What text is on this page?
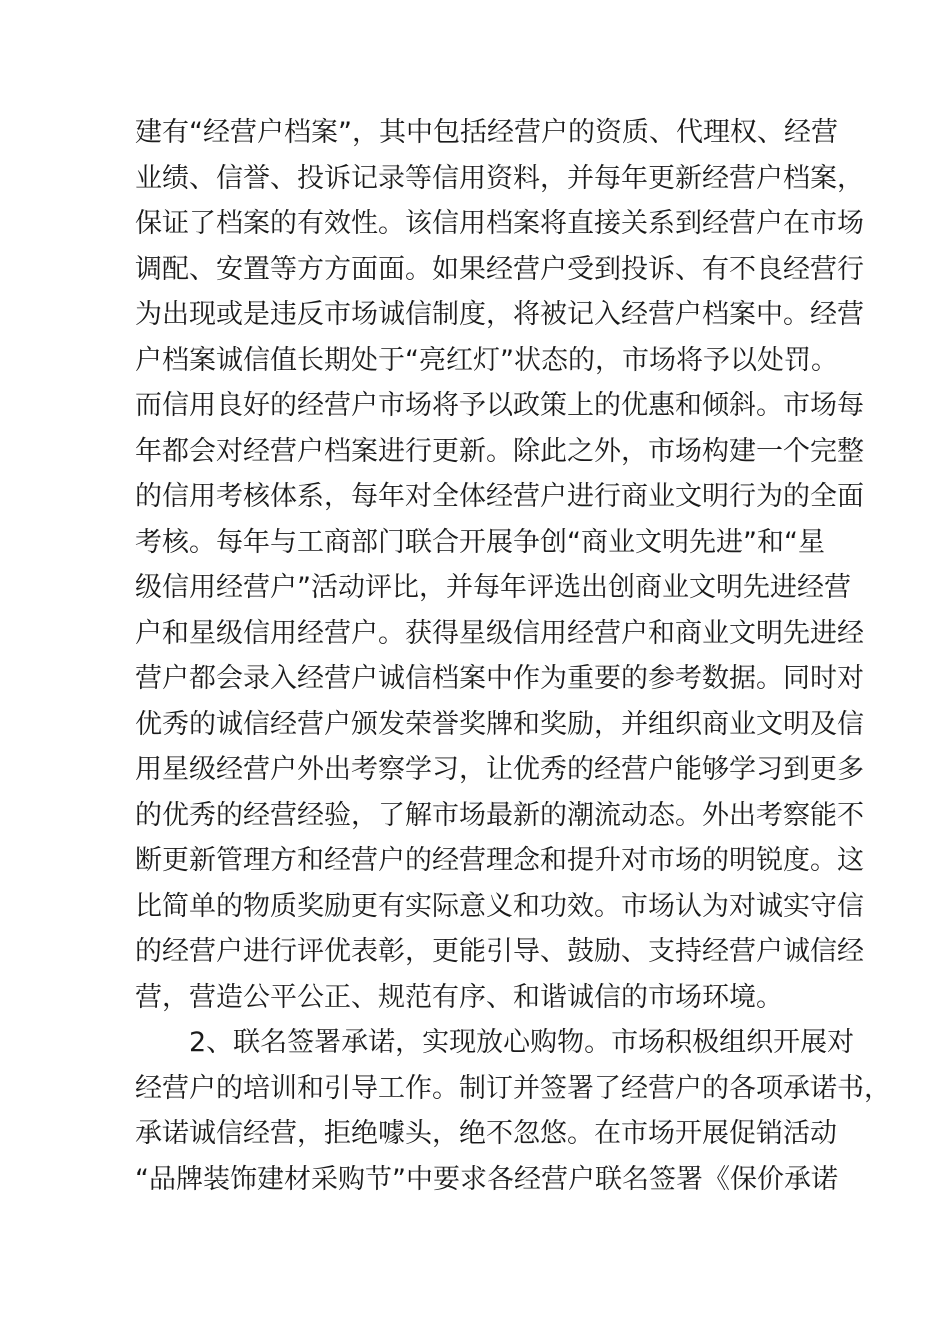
建有“经营户档案”，其中包括经营户的资质、代理权、经营
业绩、信誉、投诉记录等信用资料，并每年更新经营户档案，
保证了档案的有效性。该信用档案将直接关系到经营户在市场
调配、安置等方方面面。如果经营户受到投诉、有不良经营行
为出现或是违反市场诚信制度，将被记入经营户档案中。经营
户档案诚信值长期处于“亮红灯”状态的，市场将予以处罚。
而信用良好的经营户市场将予以政策上的优惠和倾斜。市场每
年都会对经营户档案进行更新。除此之外，市场构建一个完整
的信用考核体系，每年对全体经营户进行商业文明行为的全面
考核。每年与工商部门联合开展争创“商业文明先进”和“星
级信用经营户”活动评比，并每年评选出创商业文明先进经营
户和星级信用经营户。获得星级信用经营户和商业文明先进经
营户都会录入经营户诚信档案中作为重要的参考数据。同时对
优秀的诚信经营户颁发荣誉奖牌和奖励，并组织商业文明及信
用星级经营户外出考察学习，让优秀的经营户能够学习到更多
的优秀的经营经验，了解市场最新的潮流动态。外出考察能不
断更新管理方和经营户的经营理念和提升对市场的明锐度。这
比简单的物质奖励更有实际意义和功效。市场认为对诚实守信
的经营户进行评优表彰，更能引导、鼓励、支持经营户诚信经
营，营造公平公正、规范有序、和谐诚信的市场环境。
　　2、联名签署承诺，实现放心购物。市场积极组织开展对
经营户的培训和引导工作。制订并签署了经营户的各项承诺书，
承诺诚信经营，拒绝噱头，绝不忽悠。在市场开展促销活动
“品牌装饰建材采购节”中要求各经营户联名签署《保价承诺
